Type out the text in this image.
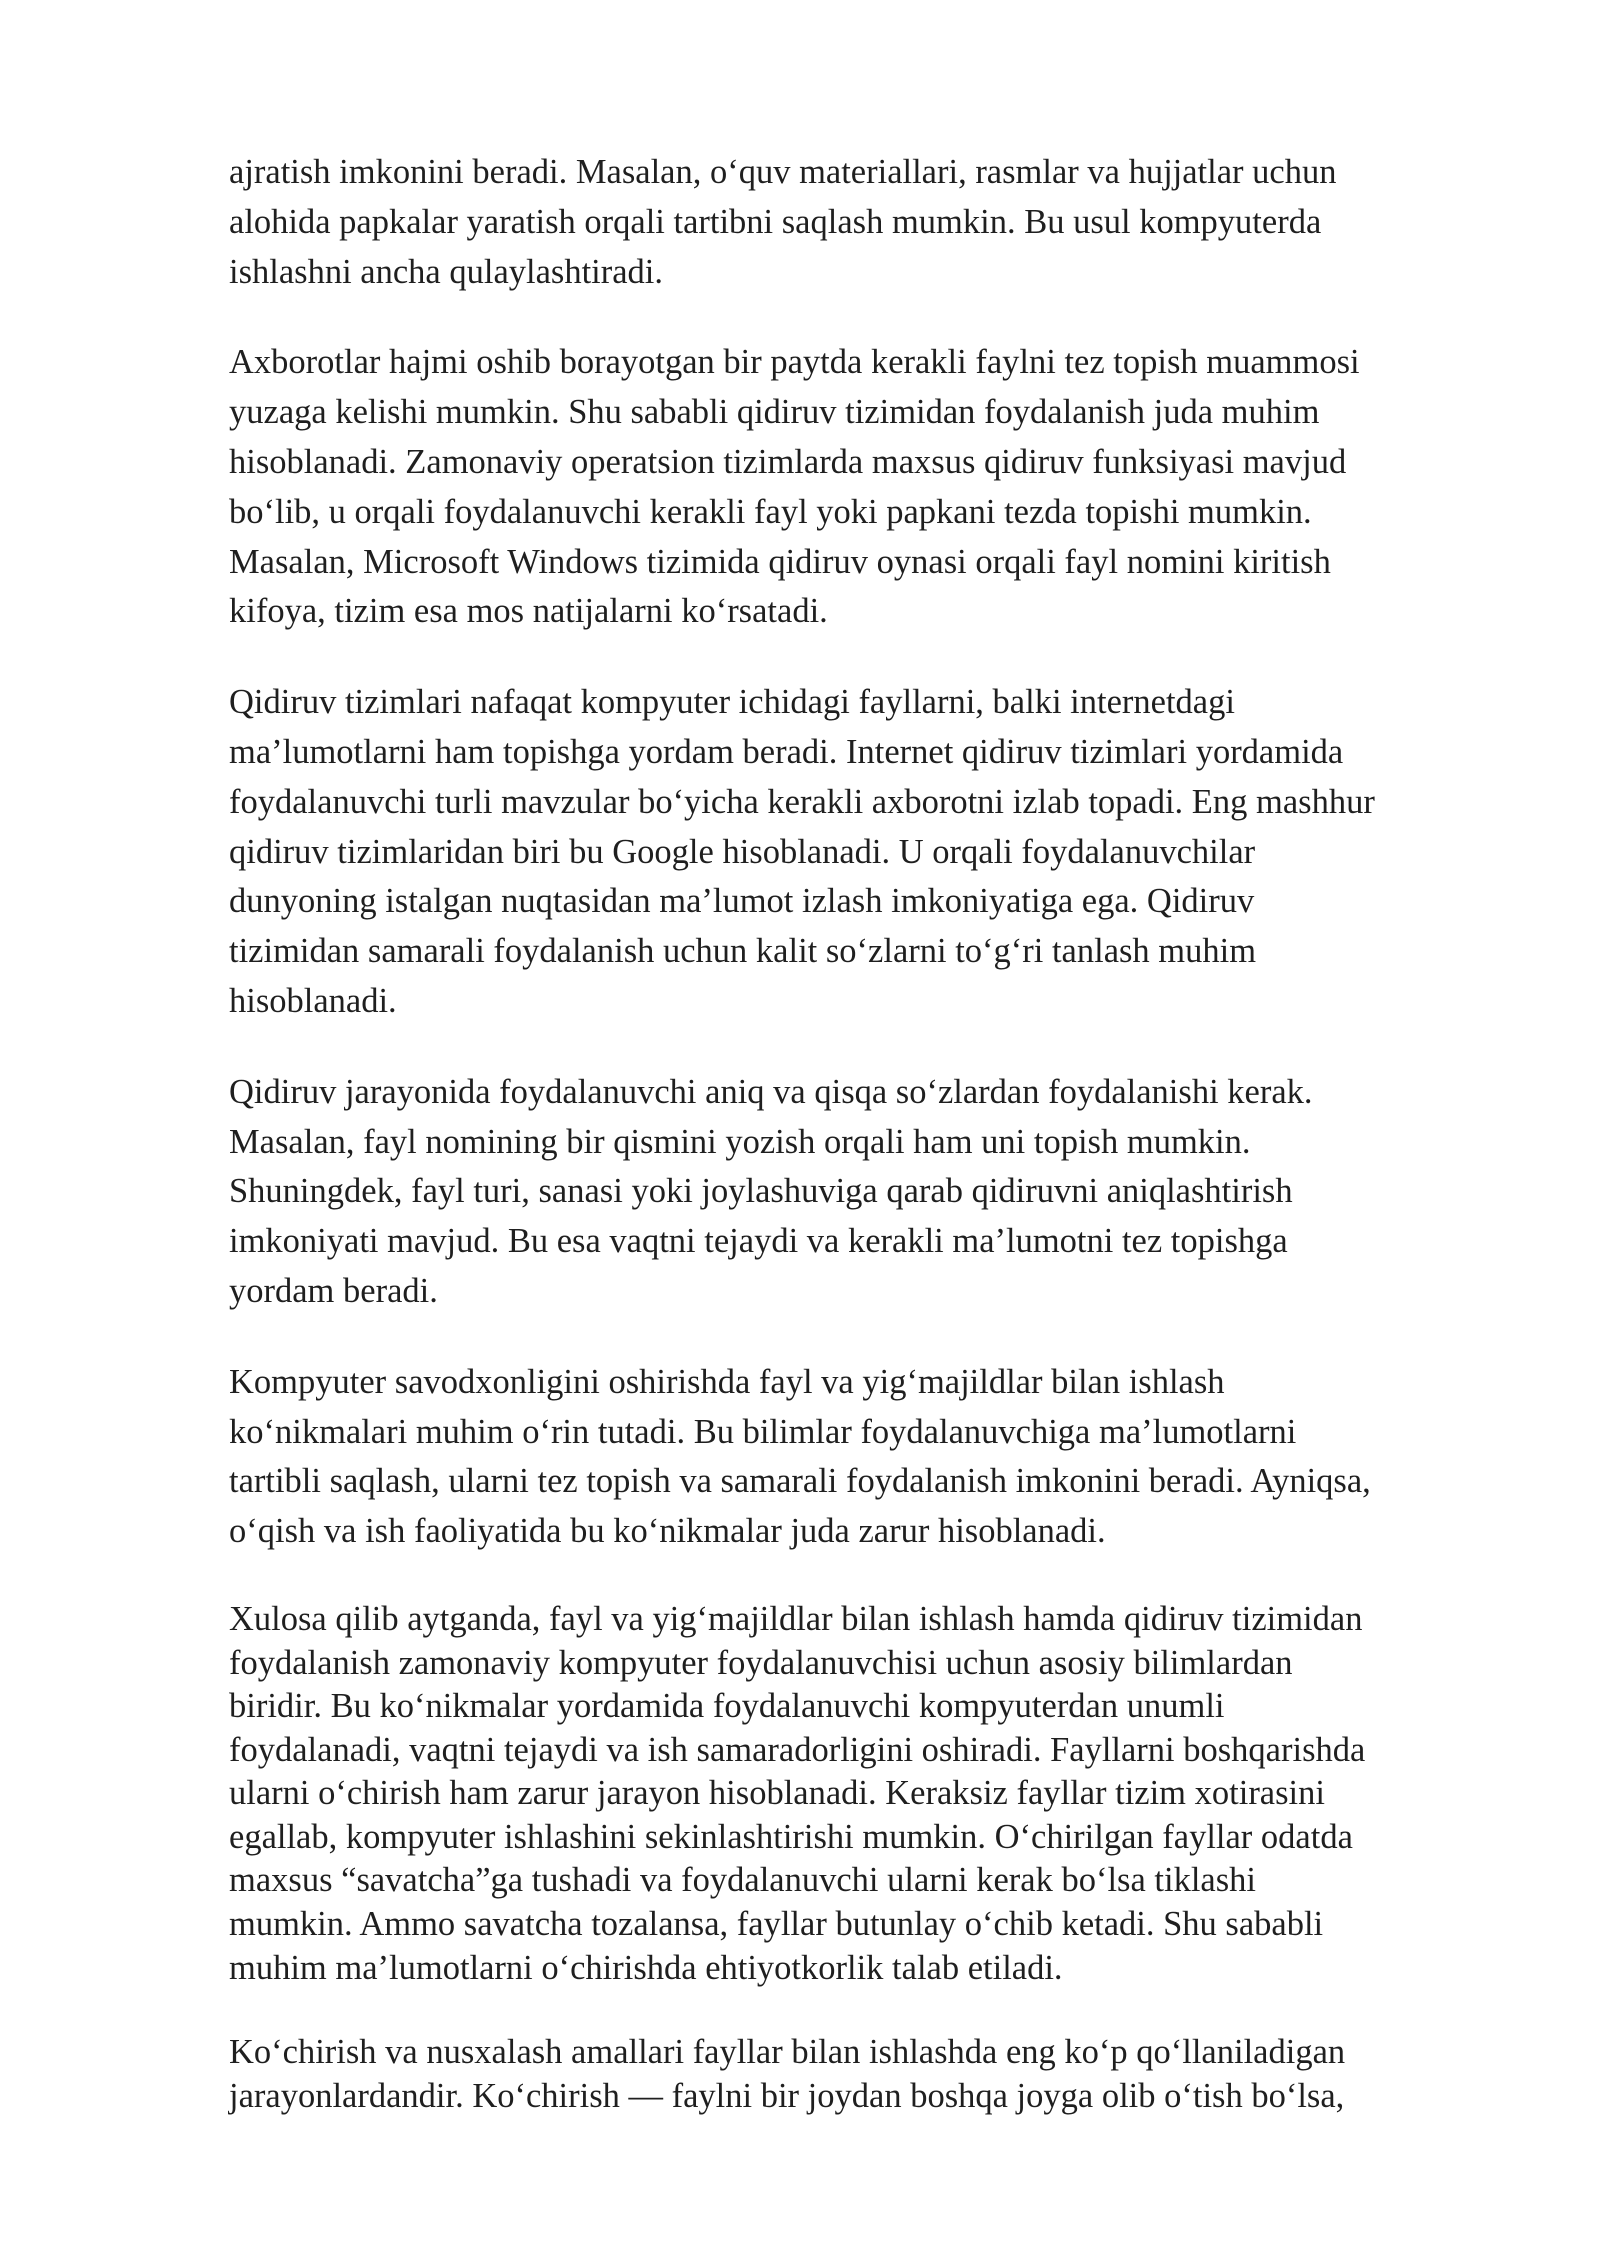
ajratish imkonini beradi. Masalan, o‘quv materiallari, rasmlar va hujjatlar uchun
alohida papkalar yaratish orqali tartibni saqlash mumkin. Bu usul kompyuterda
ishlashni ancha qulaylashtiradi.

Axborotlar hajmi oshib borayotgan bir paytda kerakli faylni tez topish muammosi
yuzaga kelishi mumkin. Shu sababli qidiruv tizimidan foydalanish juda muhim
hisoblanadi. Zamonaviy operatsion tizimlarda maxsus qidiruv funksiyasi mavjud
bo‘lib, u orqali foydalanuvchi kerakli fayl yoki papkani tezda topishi mumkin.
Masalan, Microsoft Windows tizimida qidiruv oynasi orqali fayl nomini kiritish
kifoya, tizim esa mos natijalarni ko‘rsatadi.

Qidiruv tizimlari nafaqat kompyuter ichidagi fayllarni, balki internetdagi
ma’lumotlarni ham topishga yordam beradi. Internet qidiruv tizimlari yordamida
foydalanuvchi turli mavzular bo‘yicha kerakli axborotni izlab topadi. Eng mashhur
qidiruv tizimlaridan biri bu Google hisoblanadi. U orqali foydalanuvchilar
dunyoning istalgan nuqtasidan ma’lumot izlash imkoniyatiga ega. Qidiruv
tizimidan samarali foydalanish uchun kalit so‘zlarni to‘g‘ri tanlash muhim
hisoblanadi.

Qidiruv jarayonida foydalanuvchi aniq va qisqa so‘zlardan foydalanishi kerak.
Masalan, fayl nomining bir qismini yozish orqali ham uni topish mumkin.
Shuningdek, fayl turi, sanasi yoki joylashuviga qarab qidiruvni aniqlashtirish
imkoniyati mavjud. Bu esa vaqtni tejaydi va kerakli ma’lumotni tez topishga
yordam beradi.

Kompyuter savodxonligini oshirishda fayl va yig‘majildlar bilan ishlash
ko‘nikmalari muhim o‘rin tutadi. Bu bilimlar foydalanuvchiga ma’lumotlarni
tartibli saqlash, ularni tez topish va samarali foydalanish imkonini beradi. Ayniqsa,
o‘qish va ish faoliyatida bu ko‘nikmalar juda zarur hisoblanadi.

Xulosa qilib aytganda, fayl va yig‘majildlar bilan ishlash hamda qidiruv tizimidan
foydalanish zamonaviy kompyuter foydalanuvchisi uchun asosiy bilimlardan
biridir. Bu ko‘nikmalar yordamida foydalanuvchi kompyuterdan unumli
foydalanadi, vaqtni tejaydi va ish samaradorligini oshiradi. Fayllarni boshqarishda
ularni o‘chirish ham zarur jarayon hisoblanadi. Keraksiz fayllar tizim xotirasini
egallab, kompyuter ishlashini sekinlashtirishi mumkin. O‘chirilgan fayllar odatda
maxsus “savatcha”ga tushadi va foydalanuvchi ularni kerak bo‘lsa tiklashi
mumkin. Ammo savatcha tozalansa, fayllar butunlay o‘chib ketadi. Shu sababli
muhim ma’lumotlarni o‘chirishda ehtiyotkorlik talab etiladi.

Ko‘chirish va nusxalash amallari fayllar bilan ishlashda eng ko‘p qo‘llaniladigan
jarayonlardandir. Ko‘chirish — faylni bir joydan boshqa joyga olib o‘tish bo‘lsa,
